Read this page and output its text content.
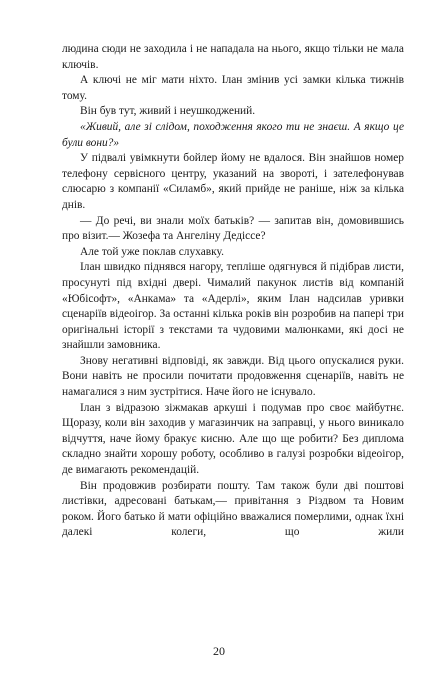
людина сюди не заходила і не нападала на нього, якщо тільки не мала ключів.

А ключі не міг мати ніхто. Ілан змінив усі замки кілька тижнів тому.

Він був тут, живий і неушкоджений.

«Живий, але зі слідом, походження якого ти не знаєш. А якщо це були вони?»

У підвалі увімкнути бойлер йому не вдалося. Він знайшов номер телефону сервісного центру, указаний на звороті, і зателефонував слюсарю з компанії «Силамб», який прийде не раніше, ніж за кілька днів.

— До речі, ви знали моїх батьків? — запитав він, домовившись про візит.— Жозефа та Ангеліну Дедіссе?

Але той уже поклав слухавку.

Ілан швидко піднявся нагору, тепліше одягнувся й підібрав листи, просунуті під вхідні двері. Чималий пакунок листів від компаній «Юбісофт», «Анкама» та «Адерлі», яким Ілан надсилав уривки сценаріїв відеоігор. За останні кілька років він розробив на папері три оригінальні історії з текстами та чудовими малюнками, які досі не знайшли замовника.

Знову негативні відповіді, як завжди. Від цього опускалися руки. Вони навіть не просили почитати продовження сценаріїв, навіть не намагалися з ним зустрітися. Наче його не існувало.

Ілан з відразою зіжмакав аркуші і подумав про своє майбутнє. Щоразу, коли він заходив у магазинчик на заправці, у нього виникало відчуття, наче йому бракує кисню. Але що ще робити? Без диплома складно знайти хорошу роботу, особливо в галузі розробки відеоігор, де вимагають рекомендацій.

Він продовжив розбирати пошту. Там також були дві поштові листівки, адресовані батькам,— привітання з Різдвом та Новим роком. Його батько й мати офіційно вважалися померлими, однак їхні далекі колеги, що жили

20
